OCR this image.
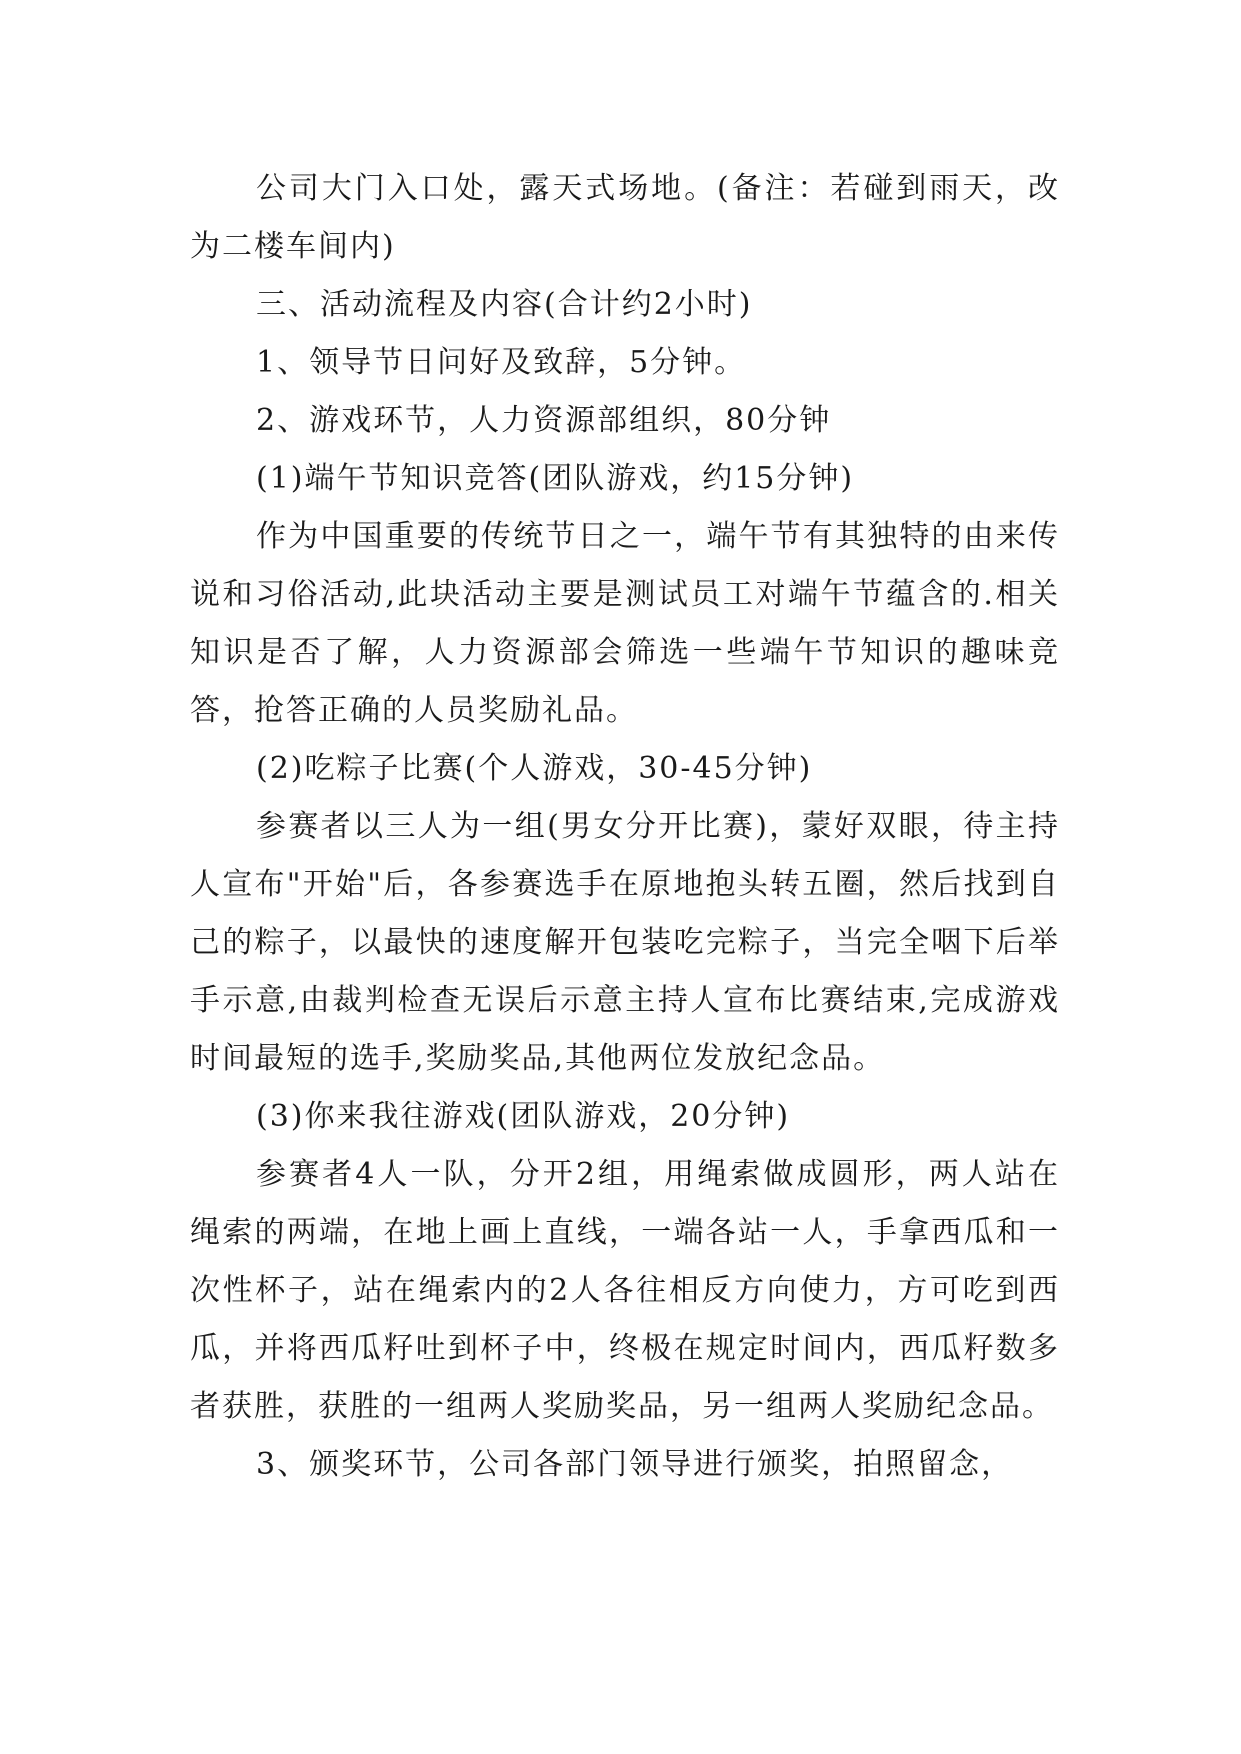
公司大门入口处，露天式场地。(备注：若碰到雨天，改为二楼车间内)

三、活动流程及内容(合计约2小时)

1、领导节日问好及致辞，5分钟。

2、游戏环节，人力资源部组织，80分钟

(1)端午节知识竞答(团队游戏，约15分钟)

作为中国重要的传统节日之一，端午节有其独特的由来传说和习俗活动,此块活动主要是测试员工对端午节蕴含的.相关知识是否了解，人力资源部会筛选一些端午节知识的趣味竞答，抢答正确的人员奖励礼品。

(2)吃粽子比赛(个人游戏，30-45分钟)

参赛者以三人为一组(男女分开比赛)，蒙好双眼，待主持人宣布"开始"后，各参赛选手在原地抱头转五圈，然后找到自己的粽子，以最快的速度解开包装吃完粽子，当完全咽下后举手示意,由裁判检查无误后示意主持人宣布比赛结束,完成游戏时间最短的选手,奖励奖品,其他两位发放纪念品。

(3)你来我往游戏(团队游戏，20分钟)

参赛者4人一队，分开2组，用绳索做成圆形，两人站在绳索的两端，在地上画上直线，一端各站一人，手拿西瓜和一次性杯子，站在绳索内的2人各往相反方向使力，方可吃到西瓜，并将西瓜籽吐到杯子中，终极在规定时间内，西瓜籽数多者获胜，获胜的一组两人奖励奖品，另一组两人奖励纪念品。

3、颁奖环节，公司各部门领导进行颁奖，拍照留念，
